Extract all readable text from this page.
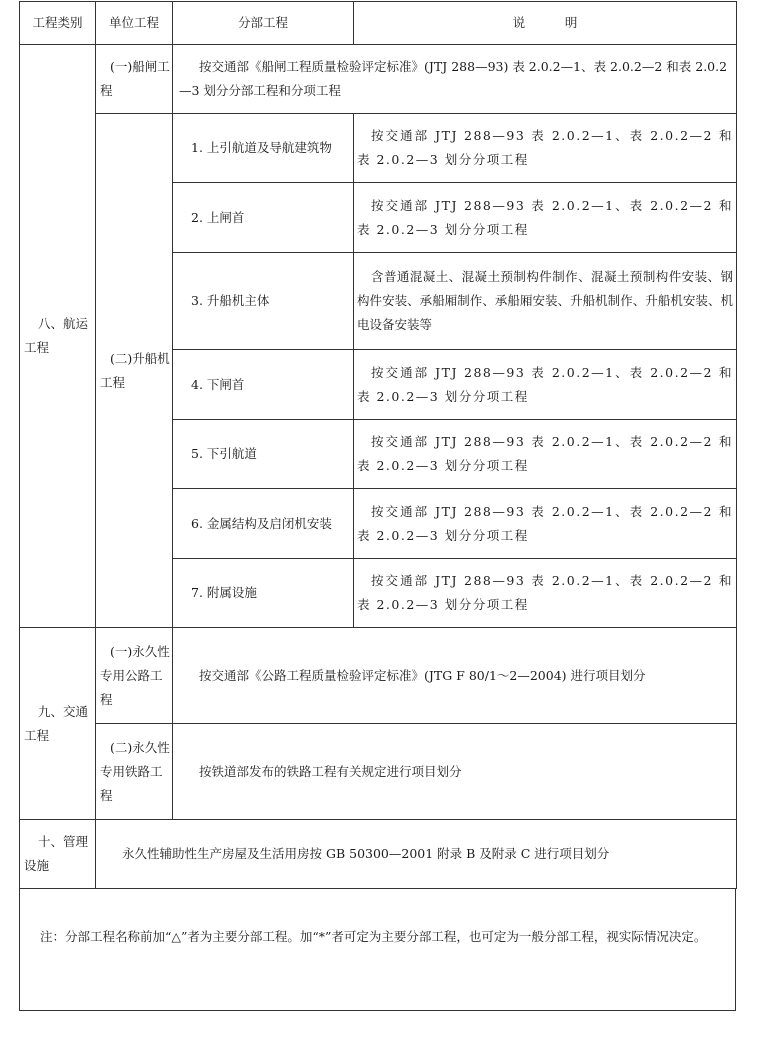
工程类别	单位工程	分部工程	说          明
八、航运工程	(一)船闸工程	按交通部《船闸工程质量检验评定标准》(JTJ 288—93) 表 2.0.2—1、表 2.0.2—2 和表 2.0.2—3 划分分部工程和分项工程	
	(二)升船机工程	1. 上引航道及导航建筑物	按交通部 JTJ 288—93 表 2.0.2—1、表 2.0.2—2 和表 2.0.2—3 划分分项工程
		2. 上闸首	按交通部 JTJ 288—93 表 2.0.2—1、表 2.0.2—2 和表 2.0.2—3 划分分项工程
		3. 升船机主体	含普通混凝土、混凝土预制构件制作、混凝土预制构件安装、钢构件安装、承船厢制作、承船厢安装、升船机制作、升船机安装、机电设备安装等
		4. 下闸首	按交通部 JTJ 288—93 表 2.0.2—1、表 2.0.2—2 和表 2.0.2—3 划分分项工程
		5. 下引航道	按交通部 JTJ 288—93 表 2.0.2—1、表 2.0.2—2 和表 2.0.2—3 划分分项工程
		6. 金属结构及启闭机安装	按交通部 JTJ 288—93 表 2.0.2—1、表 2.0.2—2 和表 2.0.2—3 划分分项工程
		7. 附属设施	按交通部 JTJ 288—93 表 2.0.2—1、表 2.0.2—2 和表 2.0.2—3 划分分项工程
九、交通工程	(一)永久性专用公路工程	按交通部《公路工程质量检验评定标准》(JTG F 80/1～2—2004) 进行项目划分	
	(二)永久性专用铁路工程	按铁道部发布的铁路工程有关规定进行项目划分	
十、管理设施	永久性辅助性生产房屋及生活用房按 GB 50300—2001 附录 B 及附录 C 进行项目划分		
注：分部工程名称前加“△”者为主要分部工程。加“*”者可定为主要分部工程，也可定为一般分部工程，视实际情况决定。
